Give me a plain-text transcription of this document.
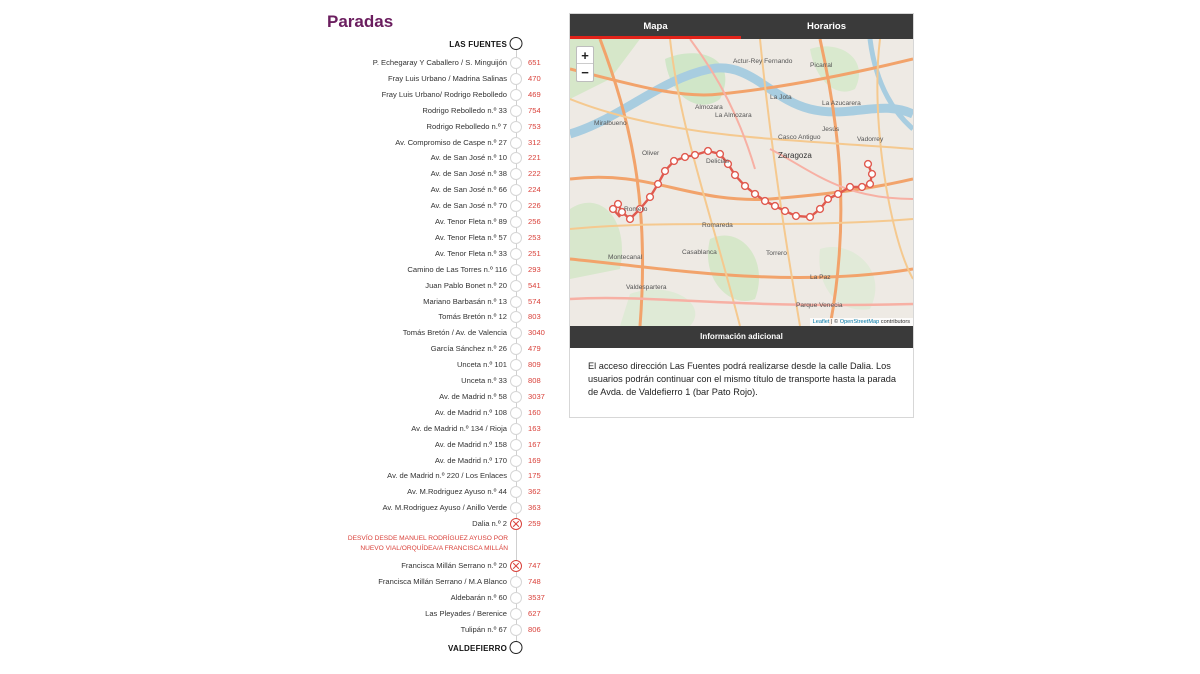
Paradas
LAS FUENTES
P. Echegaray Y Caballero / S. Minguijón	651
Fray Luis Urbano / Madrina Salinas	470
Fray Luis Urbano/ Rodrigo Rebolledo	469
Rodrigo Rebolledo n.º 33	754
Rodrigo Rebolledo n.º 7	753
Av. Compromiso de Caspe n.º 27	312
Av. de San José n.º 10	221
Av. de San José n.º 38	222
Av. de San José n.º 66	224
Av. de San José n.º 70	226
Av. Tenor Fleta n.º 89	256
Av. Tenor Fleta n.º 57	253
Av. Tenor Fleta n.º 33	251
Camino de Las Torres n.º 116	293
Juan Pablo Bonet n.º 20	541
Mariano Barbasán n.º 13	574
Tomás Bretón n.º 12	803
Tomás Bretón / Av. de Valencia	3040
García Sánchez n.º 26	479
Unceta n.º 101	809
Unceta n.º 33	808
Av. de Madrid n.º 58	3037
Av. de Madrid n.º 108	160
Av. de Madrid n.º 134 / Rioja	163
Av. de Madrid n.º 158	167
Av. de Madrid n.º 170	169
Av. de Madrid n.º 220 / Los Enlaces	175
Av. M.Rodriguez Ayuso n.º 44	362
Av. M.Rodriguez Ayuso / Anillo Verde	363
Dalia n.º 2	259
Francisca Millán Serrano n.º 20	747
Francisca Millán Serrano / M.A Blanco	748
Aldebarán n.º 60	3537
Las Pleyades / Berenice	627
Tulipán n.º 67	806
DESVÍO DESDE MANUEL RODRÍGUEZ AYUSO POR NUEVO VIAL/ORQUÍDEA/A FRANCISCA MILLÁN
VALDEFIERRO
Mapa	Horarios
Actur-Rey Fernando
Picarral
La Jota
Almozara
La Almozara
La Azucarera
Miralbueno
Casco Antiguo
Jesús
Vadorrey
Oliver
Delicias
Zaragoza
Romareda
Casablanca	Torrero
La Paz
Montecanal
Valdespartera
Parque Venecia
Romero
+
−
Leaflet | © OpenStreetMap contributors
Información adicional
El acceso dirección Las Fuentes podrá realizarse desde la calle Dalia. Los usuarios podrán continuar con el mismo título de transporte hasta la parada de Avda. de Valdefierro 1 (bar Pato Rojo).
